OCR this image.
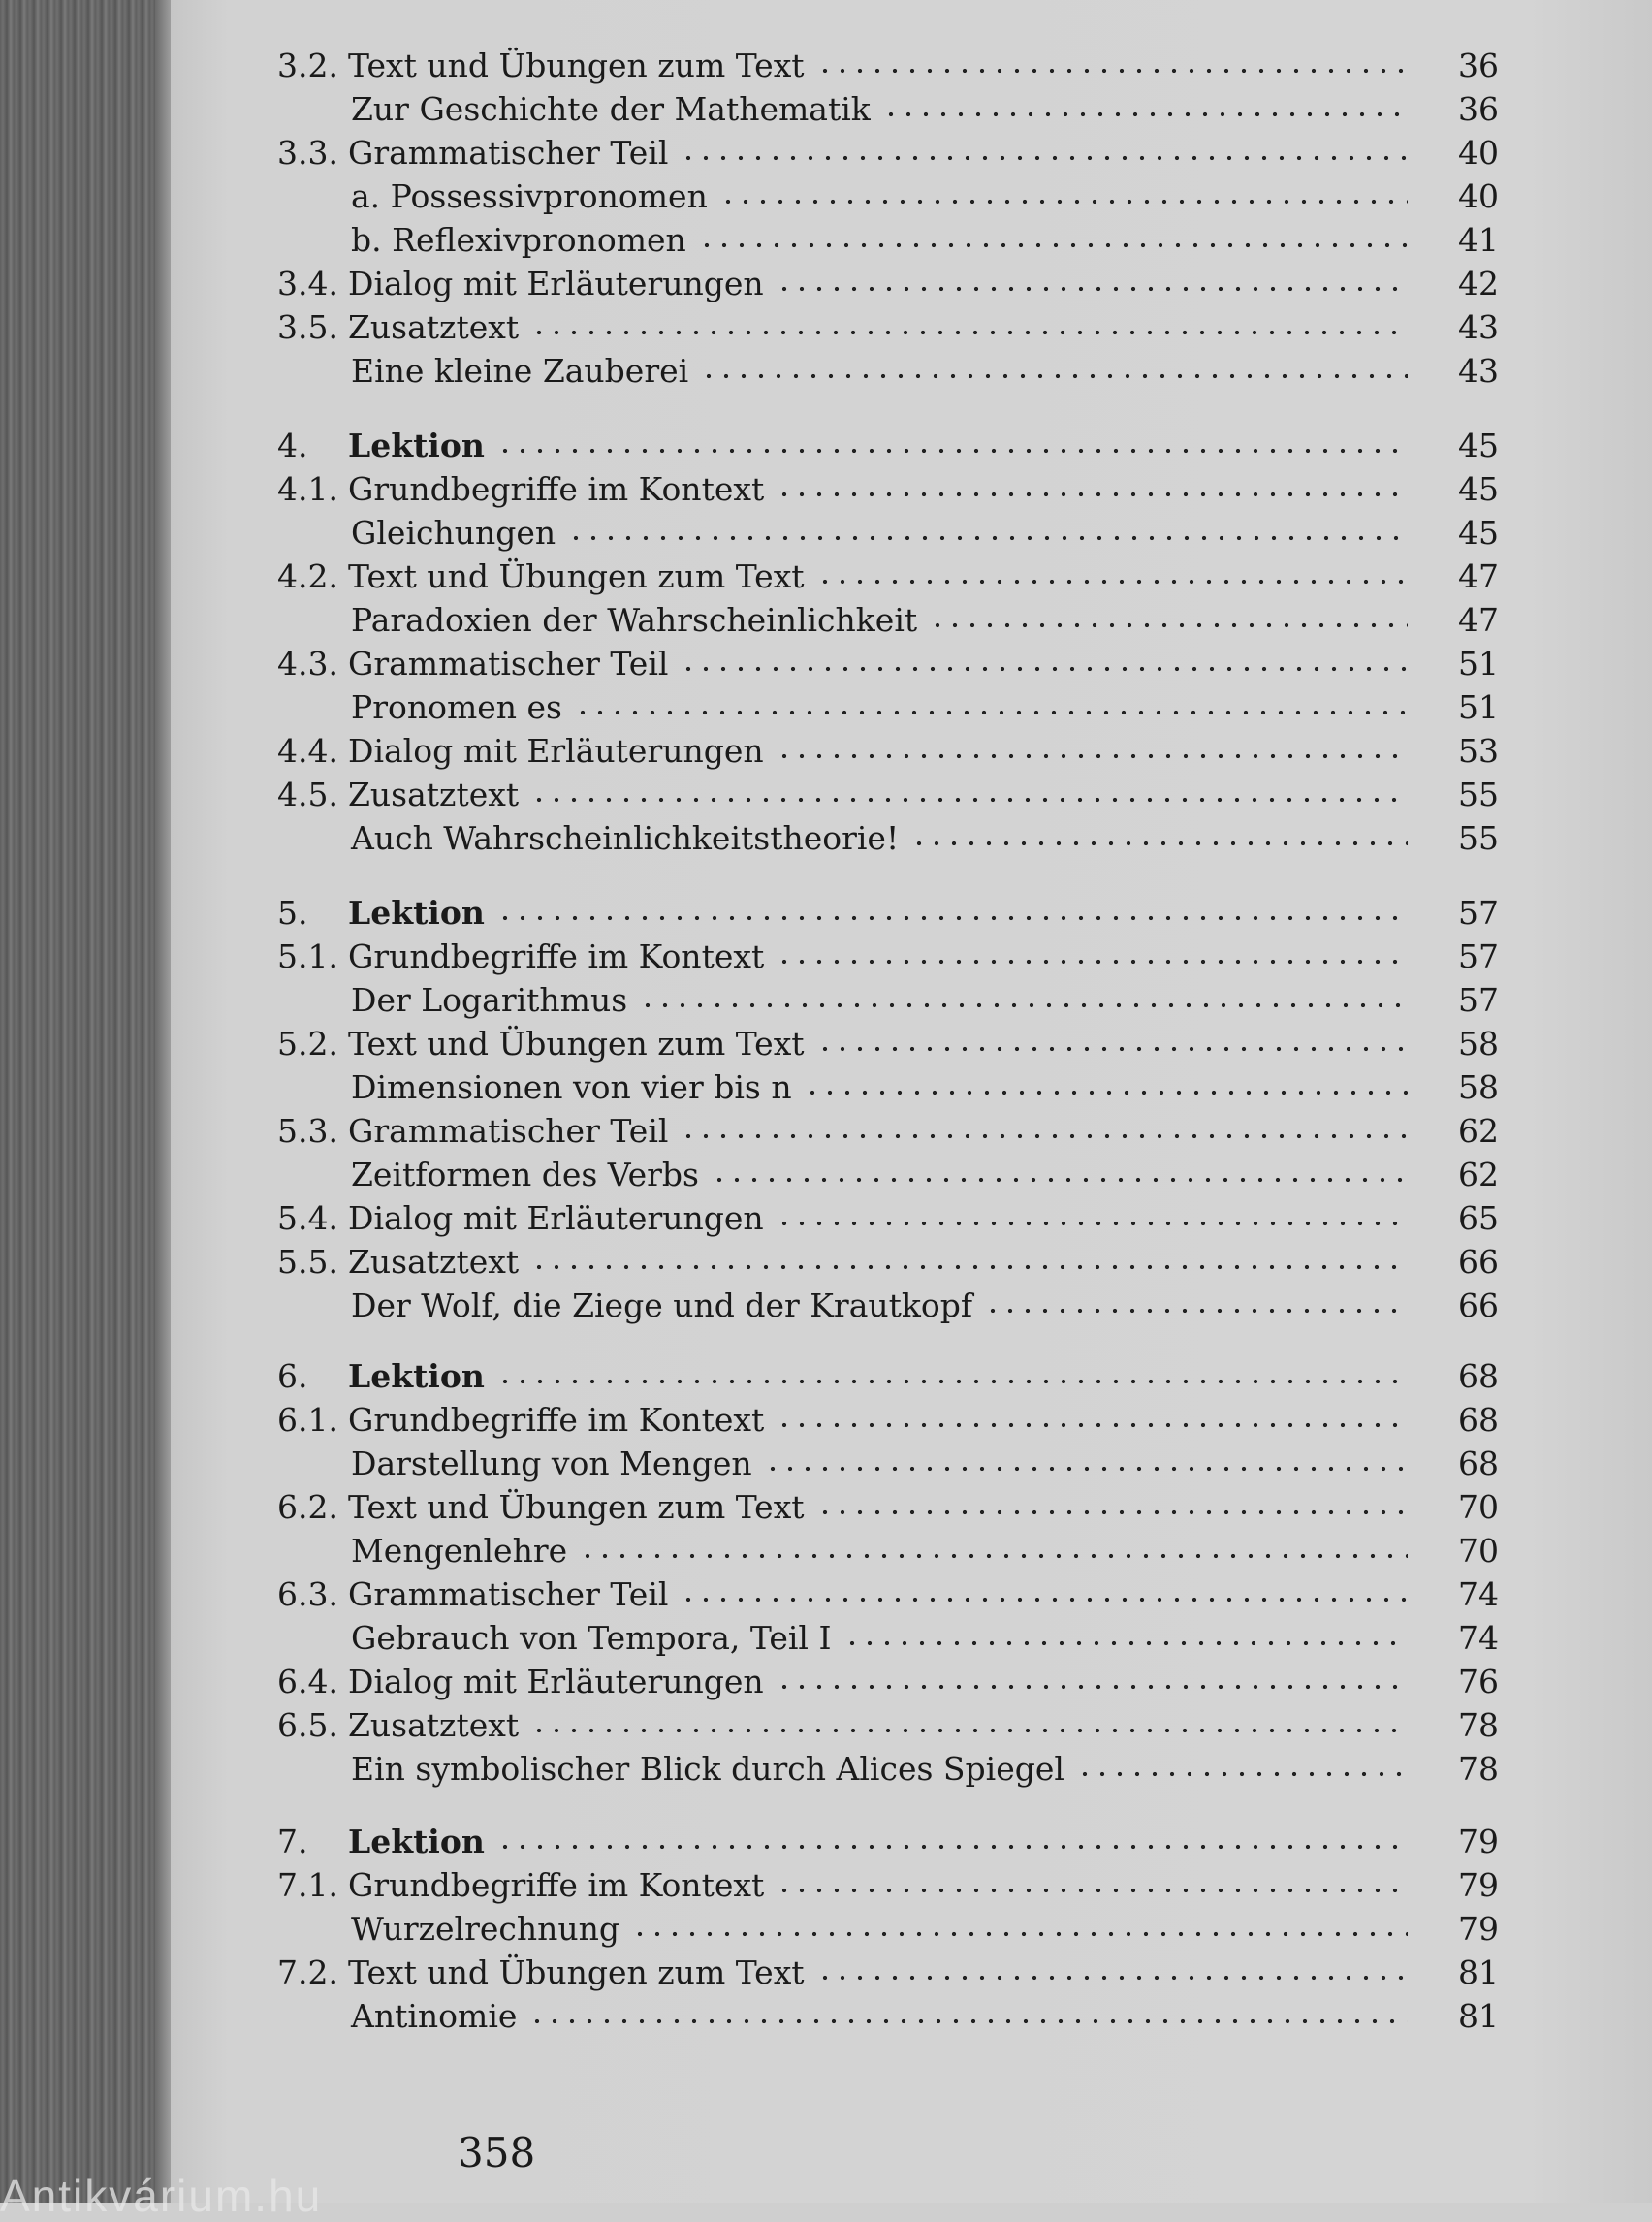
3.2. Text und Übungen zum Text	36
Zur Geschichte der Mathematik	36
3.3. Grammatischer Teil	40
a. Possessivpronomen	40
b. Reflexivpronomen	41
3.4. Dialog mit Erläuterungen	42
3.5. Zusatztext	43
Eine kleine Zauberei	43
4.	Lektion	45
4.1. Grundbegriffe im Kontext	45
Gleichungen	45
4.2. Text und Übungen zum Text	47
Paradoxien der Wahrscheinlichkeit	47
4.3. Grammatischer Teil	51
Pronomen es	51
4.4. Dialog mit Erläuterungen	53
4.5. Zusatztext	55
Auch Wahrscheinlichkeitstheorie!	55
5.	Lektion	57
5.1. Grundbegriffe im Kontext	57
Der Logarithmus	57
5.2. Text und Übungen zum Text	58
Dimensionen von vier bis n	58
5.3. Grammatischer Teil	62
Zeitformen des Verbs	62
5.4. Dialog mit Erläuterungen	65
5.5. Zusatztext	66
Der Wolf, die Ziege und der Krautkopf	66
6.	Lektion	68
6.1. Grundbegriffe im Kontext	68
Darstellung von Mengen	68
6.2. Text und Übungen zum Text	70
Mengenlehre	70
6.3. Grammatischer Teil	74
Gebrauch von Tempora, Teil I	74
6.4. Dialog mit Erläuterungen	76
6.5. Zusatztext	78
Ein symbolischer Blick durch Alices Spiegel	78
7.	Lektion	79
7.1. Grundbegriffe im Kontext	79
Wurzelrechnung	79
7.2. Text und Übungen zum Text	81
Antinomie	81
358
Antikvárium.hu
